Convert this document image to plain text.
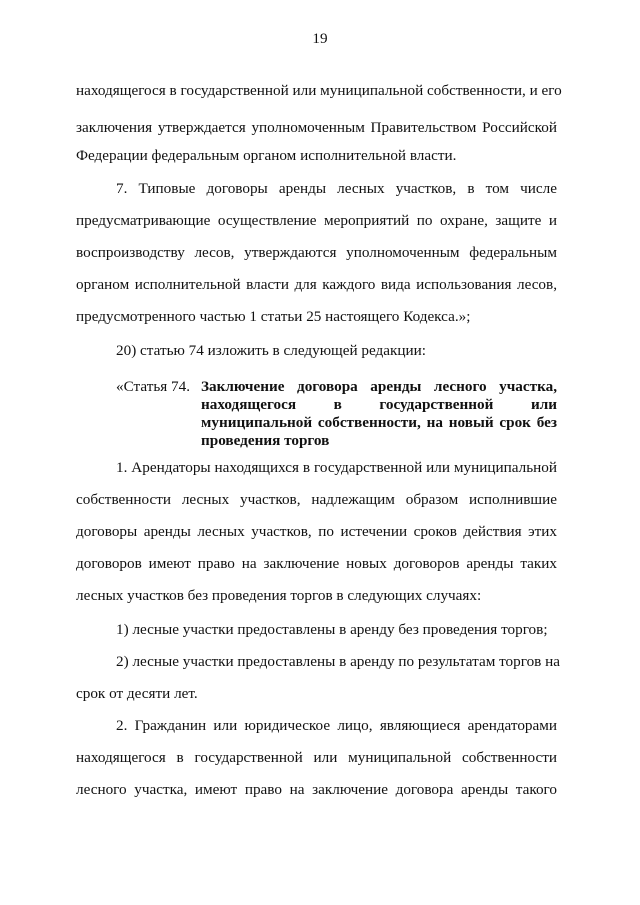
19
находящегося в государственной или муниципальной собственности, и его
заключения утверждается уполномоченным Правительством Российской
Федерации федеральным органом исполнительной власти.
7. Типовые договоры аренды лесных участков, в том числе
предусматривающие осуществление мероприятий по охране, защите и
воспроизводству лесов, утверждаются уполномоченным федеральным
органом исполнительной власти для каждого вида использования лесов,
предусмотренного частью 1 статьи 25 настоящего Кодекса.»;
20) статью 74 изложить в следующей редакции:
«Статья 74. Заключение договора аренды лесного участка,
находящегося в государственной или
муниципальной собственности, на новый срок без
проведения торгов
1. Арендаторы находящихся в государственной или муниципальной
собственности лесных участков, надлежащим образом исполнившие
договоры аренды лесных участков, по истечении сроков действия этих
договоров имеют право на заключение новых договоров аренды таких
лесных участков без проведения торгов в следующих случаях:
1) лесные участки предоставлены в аренду без проведения торгов;
2) лесные участки предоставлены в аренду по результатам торгов на
срок от десяти лет.
2. Гражданин или юридическое лицо, являющиеся арендаторами
находящегося в государственной или муниципальной собственности
лесного участка, имеют право на заключение договора аренды такого
